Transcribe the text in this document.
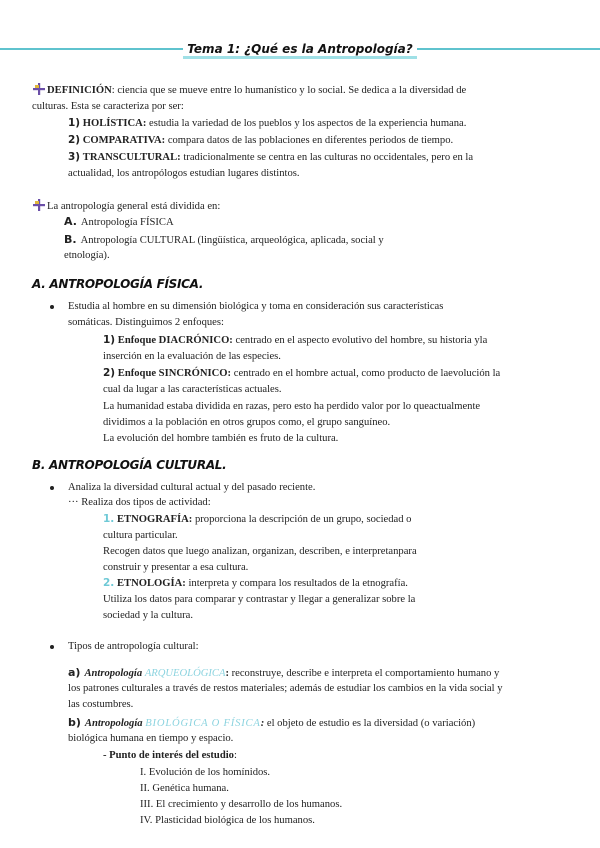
Tema 1: ¿Qué es la Antropología?
DEFINICIÓN: ciencia que se mueve entre lo humanístico y lo social. Se dedica a la diversidad de
culturas. Esta se caracteriza por ser:
1) HOLÍSTICA: estudia la variedad de los pueblos y los aspectos de la experiencia humana.
2) COMPARATIVA: compara datos de las poblaciones en diferentes periodos de tiempo.
3) TRANSCULTURAL: tradicionalmente se centra en las culturas no occidentales, pero en la
actualidad, los antropólogos estudian lugares distintos.
La antropología general está dividida en:
A. Antropología FÍSICA
B. Antropología CULTURAL (lingüística, arqueológica, aplicada, social y
etnología).
A. ANTROPOLOGÍA FÍSICA.
Estudia al hombre en su dimensión biológica y toma en consideración sus características
somáticas. Distinguimos 2 enfoques:
1) Enfoque DIACRÓNICO: centrado en el aspecto evolutivo del hombre, su historia yla
inserción en la evaluación de las especies.
2) Enfoque SINCRÓNICO: centrado en el hombre actual, como producto de laevolución la
cual da lugar a las características actuales.
La humanidad estaba dividida en razas, pero esto ha perdido valor por lo queactualmente
dividimos a la población en otros grupos como, el grupo sanguíneo.
La evolución del hombre también es fruto de la cultura.
B. ANTROPOLOGÍA CULTURAL.
Analiza la diversidad cultural actual y del pasado reciente.
··· Realiza dos tipos de actividad:
1. ETNOGRAFÍA: proporciona la descripción de un grupo, sociedad o
cultura particular.
Recogen datos que luego analizan, organizan, describen, e interpretanpara
construir y presentar a esa cultura.
2. ETNOLOGÍA: interpreta y compara los resultados de la etnografía.
Utiliza los datos para comparar y contrastar y llegar a generalizar sobre la
sociedad y la cultura.
Tipos de antropología cultural:
a) Antropología ARQUEOLÓGICA: reconstruye, describe e interpreta el comportamiento humano y
los patrones culturales a través de restos materiales; además de estudiar los cambios en la vida social y
las costumbres.
b) Antropología BIOLÓGICA O FÍSICA: el objeto de estudio es la diversidad (o variación)
biológica humana en tiempo y espacio.
- Punto de interés del estudio:
I. Evolución de los homínidos.
II. Genética humana.
III. El crecimiento y desarrollo de los humanos.
IV. Plasticidad biológica de los humanos.
